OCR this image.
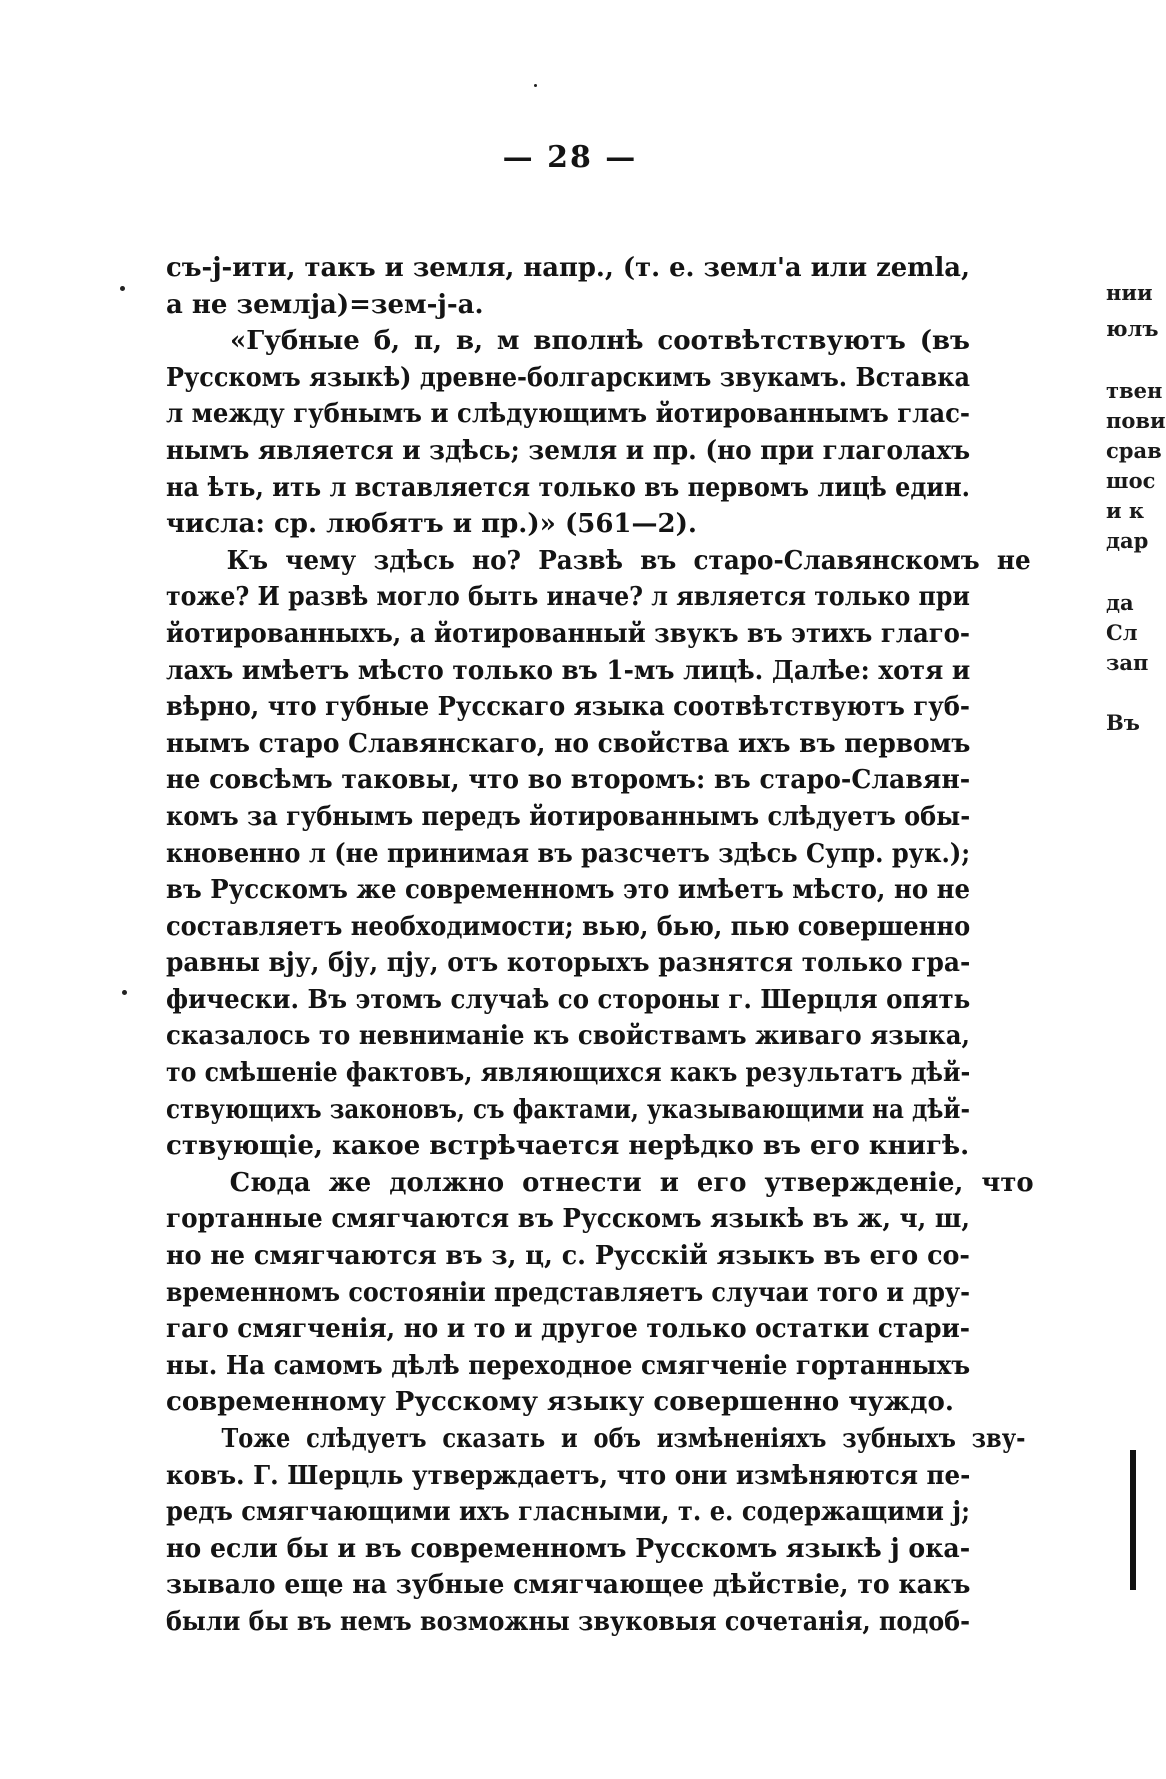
— 28 —
съ-j-ити, такъ и земля, напр., (т. е. земл'а или zemla,
а не землjа)=зем-j-а.
«Губные б, п, в, м вполнѣ соотвѣтствуютъ (въ
Русскомъ языкѣ) древне-болгарскимъ звукамъ. Вставка
л между губнымъ и слѣдующимъ йотированнымъ глас-
нымъ является и здѣсь; земля и пр. (но при глаголахъ
на ѣть, ить л вставляется только въ первомъ лицѣ един.
числа: ср. любятъ и пр.)» (561—2).
Къ чему здѣсь но? Развѣ въ старо-Славянскомъ не
тоже? И развѣ могло быть иначе? л является только при
йотированныхъ, а йотированный звукъ въ этихъ глаго-
лахъ имѣетъ мѣсто только въ 1-мъ лицѣ. Далѣе: хотя и
вѣрно, что губные Русскаго языка соотвѣтствуютъ губ-
нымъ старо Славянскаго, но свойства ихъ въ первомъ
не совсѣмъ таковы, что во второмъ: въ старо-Славян-
комъ за губнымъ передъ йотированнымъ слѣдуетъ обы-
кновенно л (не принимая въ разсчетъ здѣсь Супр. рук.);
въ Русскомъ же современномъ это имѣетъ мѣсто, но не
составляетъ необходимости; вью, бью, пью совершенно
равны вjу, бjу, пjу, отъ которыхъ разнятся только гра-
фически. Въ этомъ случаѣ со стороны г. Шерцля опять
сказалось то невниманіе къ свойствамъ живаго языка,
то смѣшеніе фактовъ, являющихся какъ результатъ дѣй-
ствующихъ законовъ, съ фактами, указывающими на дѣй-
ствующіе, какое встрѣчается нерѣдко въ его книгѣ.
Сюда же должно отнести и его утвержденіе, что
гортанные смягчаются въ Русскомъ языкѣ въ ж, ч, ш,
но не смягчаются въ з, ц, с. Русскій языкъ въ его со-
временномъ состояніи представляетъ случаи того и дру-
гаго смягченія, но и то и другое только остатки стари-
ны. На самомъ дѣлѣ переходное смягченіе гортанныхъ
современному Русскому языку совершенно чуждо.
Тоже слѣдуетъ сказать и объ измѣненіяхъ зубныхъ зву-
ковъ. Г. Шерцль утверждаетъ, что они измѣняются пе-
редъ смягчающими ихъ гласными, т. е. содержащими j;
но если бы и въ современномъ Русскомъ языкѣ j ока-
зывало еще на зубные смягчающее дѣйствіе, то какъ
были бы въ немъ возможны звуковыя сочетанія, подоб-
нии
юлъ
твен
пови
срав
шос
и к
дар
да
Сл
зап
Въ
